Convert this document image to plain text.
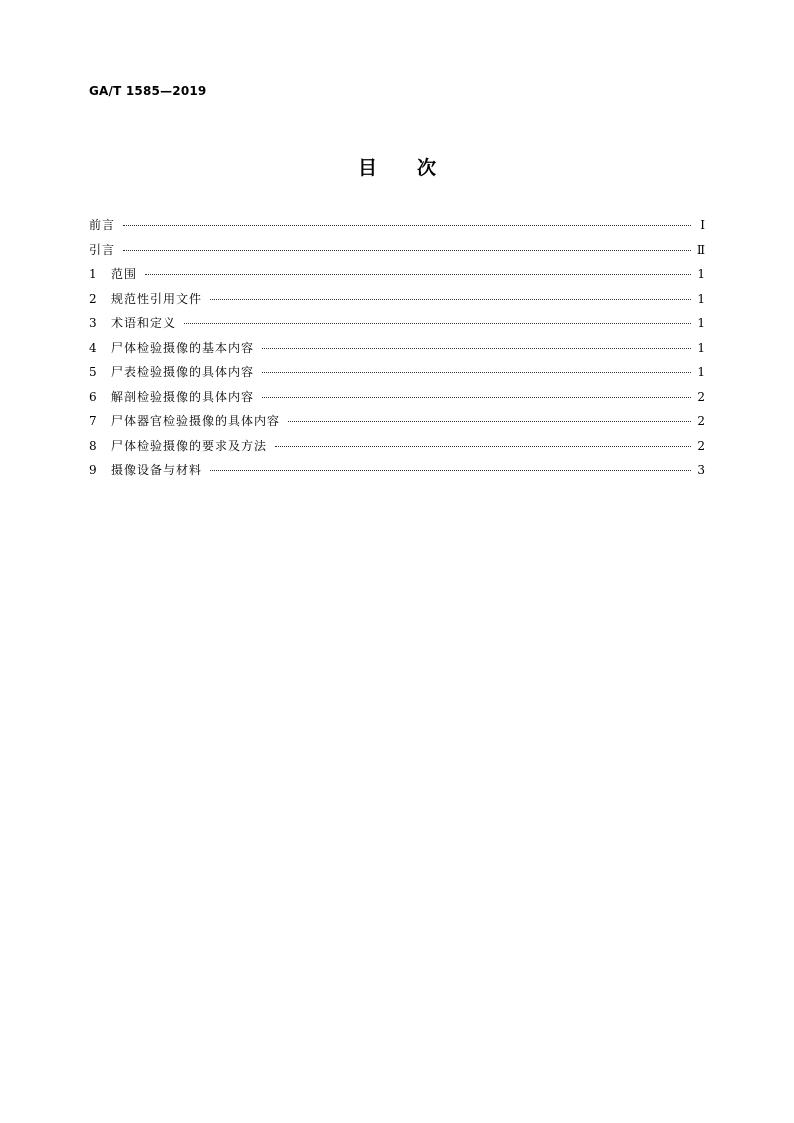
GA/T 1585—2019
目 次
前言	Ⅰ
引言	Ⅱ
1	范围	1
2	规范性引用文件	1
3	术语和定义	1
4	尸体检验摄像的基本内容	1
5	尸表检验摄像的具体内容	1
6	解剖检验摄像的具体内容	2
7	尸体器官检验摄像的具体内容	2
8	尸体检验摄像的要求及方法	2
9	摄像设备与材料	3
